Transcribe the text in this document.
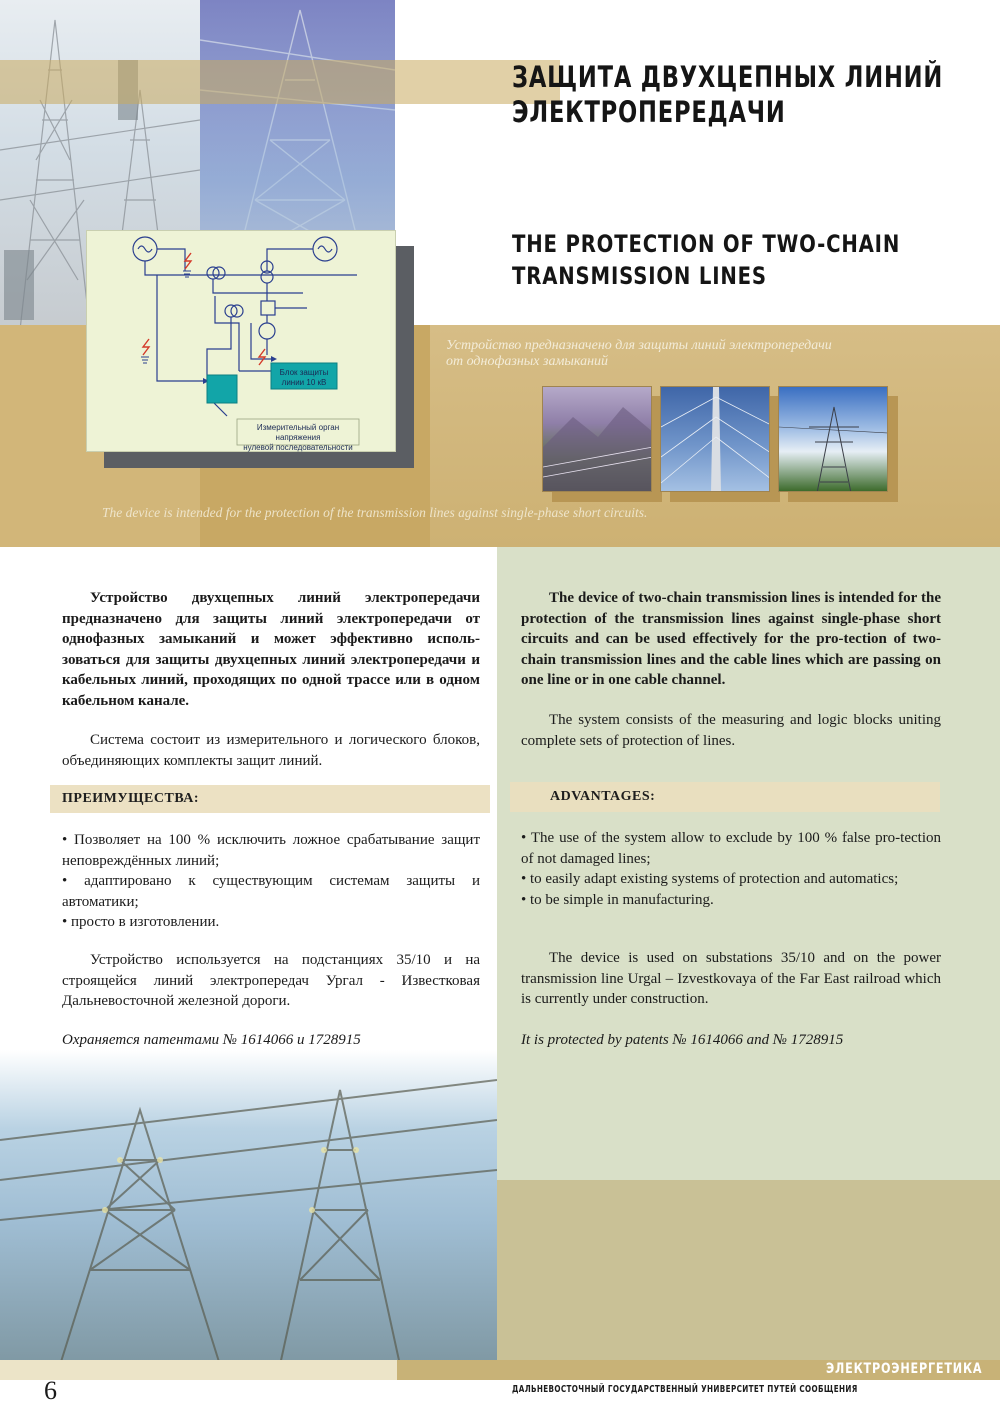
ЗАЩИТА ДВУХЦЕПНЫХ ЛИНИЙ
ЭЛЕКТРОПЕРЕДАЧИ
THE PROTECTION OF TWO-CHAIN
TRANSMISSION LINES
Устройство предназначено для защиты линий электропередачи
от однофазных замыканий
Блок защиты
линии 10 кВ
Измерительный орган напряжения
нулевой последовательности
The device is intended for the protection of the transmission lines against single-phase short circuits.
Устройство двухцепных линий электропередачи предназначено для защиты линий электропередачи от однофазных замыканий и может эффективно исполь-зоваться для защиты двухцепных линий электропередачи и кабельных линий, проходящих по одной трассе или в одном кабельном канале.
Система состоит из измерительного и логического блоков, объединяющих комплекты защит линий.
ПРЕИМУЩЕСТВА:
• Позволяет на 100 % исключить ложное срабатывание защит неповреждённых линий;
• адаптировано к существующим системам защиты и автоматики;
• просто в изготовлении.
Устройство используется на подстанциях 35/10 и на строящейся линий электропередач Ургал - Известковая Дальневосточной железной дороги.
Охраняется патентами № 1614066 и 1728915
The device of two-chain transmission lines is intended for the protection of the transmission lines against single-phase short circuits and can be used effectively for the pro-tection of two-chain transmission lines and the cable lines which are passing on one line or in one cable channel.
The system consists of the measuring and logic blocks uniting complete sets of protection of lines.
ADVANTAGES:
• The use of the system allow to exclude by 100 % false pro-tection of not damaged lines;
• to easily adapt existing systems of protection and automatics;
• to be simple in manufacturing.
The device is used on substations 35/10 and on the power transmission line Urgal – Izvestkovaya of the Far East railroad which is currently under construction.
It is protected by patents № 1614066 and № 1728915
ЭЛЕКТРОЭНЕРГЕТИКА
ДАЛЬНЕВОСТОЧНЫЙ ГОСУДАРСТВЕННЫЙ УНИВЕРСИТЕТ ПУТЕЙ СООБЩЕНИЯ
6
